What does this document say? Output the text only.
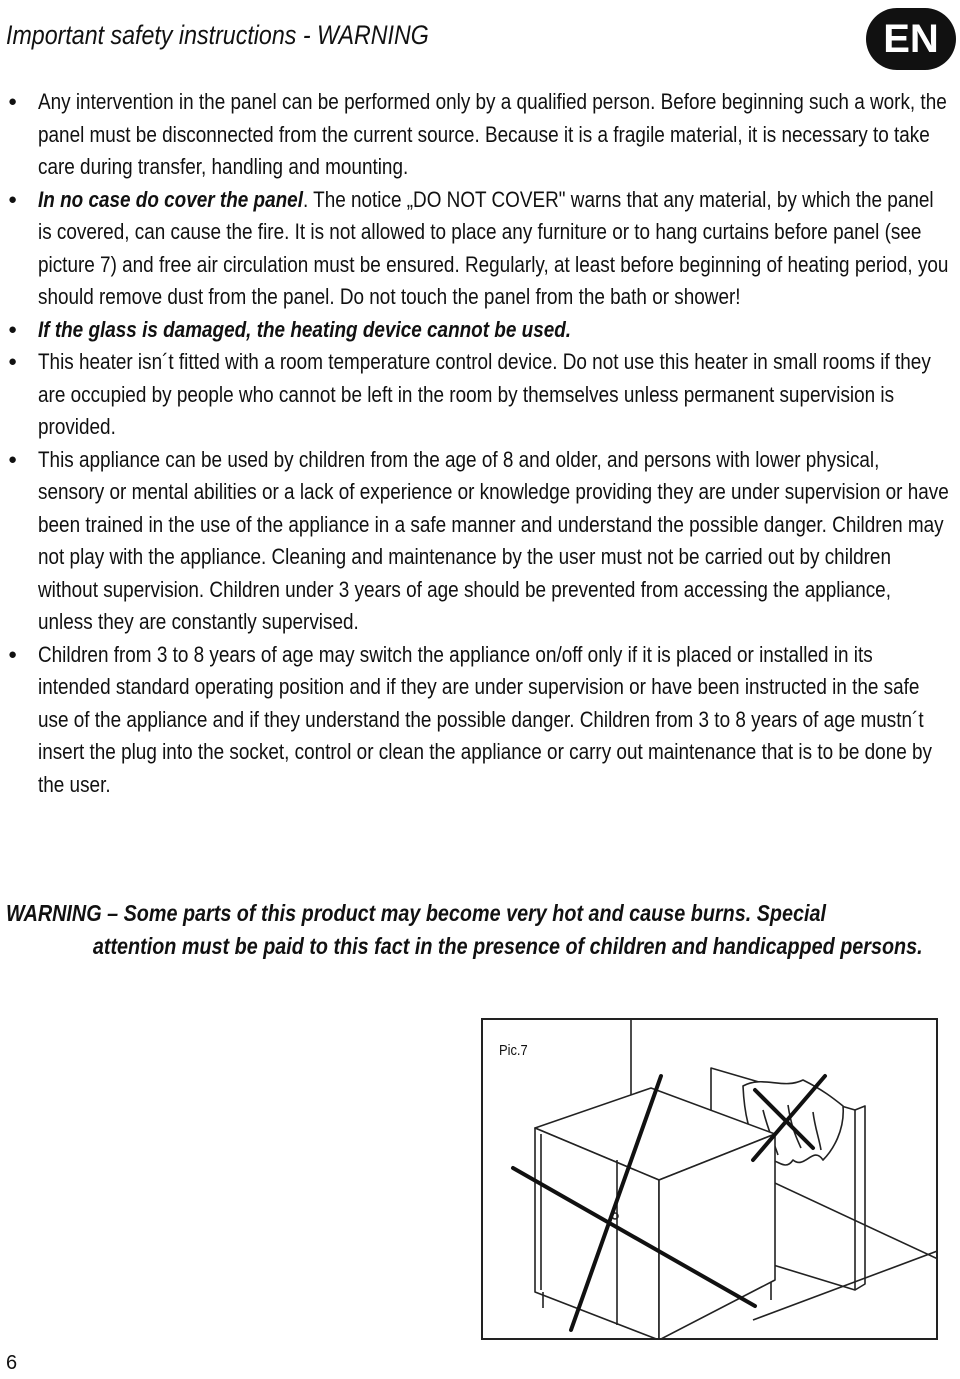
Important safety instructions - WARNING	EN
● Any intervention in the panel can be performed only by a qualified person. Before beginning such a work, the panel must be disconnected from the current source. Because it is a fragile material, it is necessary to take care during transfer, handling and mounting.
● In no case do cover the panel. The notice „DO NOT COVER" warns that any material, by which the panel is covered, can cause the fire. It is not allowed to place any furniture or to hang curtains before panel (see picture 7) and free air circulation must be ensured. Regularly, at least before beginning of heating period, you should remove dust from the panel. Do not touch the panel from the bath or shower!
● If the glass is damaged, the heating device cannot be used.
● This heater isn´t fitted with a room temperature control device. Do not use this heater in small rooms if they are occupied by people who cannot be left in the room by themselves unless permanent supervision is provided.
● This appliance can be used by children from the age of 8 and older, and persons with lower physical, sensory or mental abilities or a lack of experience or knowledge providing they are under supervision or have been trained in the use of the appliance in a safe manner and understand the possible danger. Children may not play with the appliance. Cleaning and maintenance by the user must not be carried out by children without supervision. Children under 3 years of age should be prevented from accessing the appliance, unless they are constantly supervised.
● Children from 3 to 8 years of age may switch the appliance on/off only if it is placed or installed in its intended standard operating position and if they are under supervision or have been instructed in the safe use of the appliance and if they understand the possible danger. Children from 3 to 8 years of age mustn´t insert the plug into the socket, control or clean the appliance or carry out maintenance that is to be done by the user.
WARNING – Some parts of this product may become very hot and cause burns. Special
attention must be paid to this fact in the presence of children and handicapped persons.
Pic.7
6
